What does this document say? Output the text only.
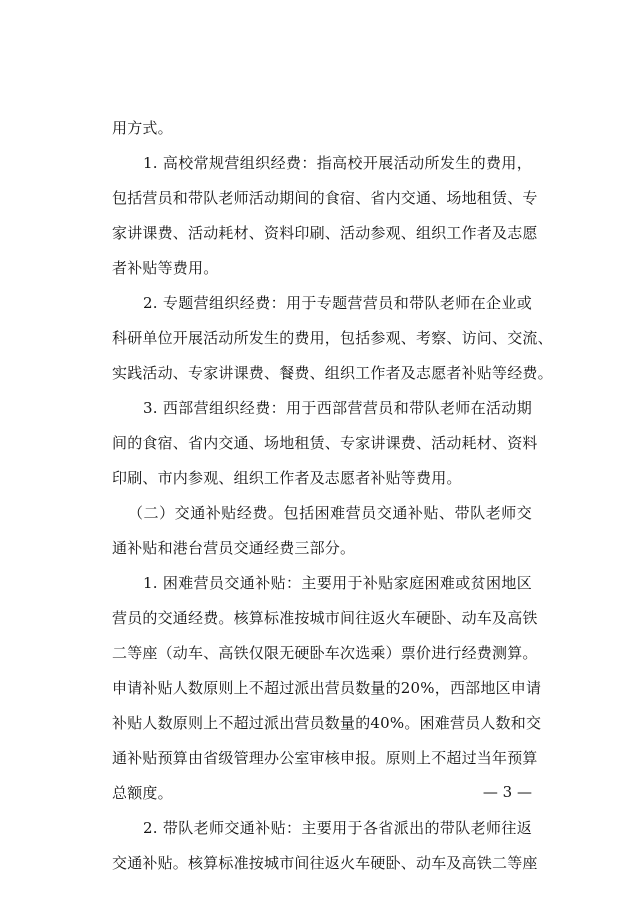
用方式。
1. 高校常规营组织经费：指高校开展活动所发生的费用，
包括营员和带队老师活动期间的食宿、省内交通、场地租赁、专
家讲课费、活动耗材、资料印刷、活动参观、组织工作者及志愿
者补贴等费用。
2. 专题营组织经费：用于专题营营员和带队老师在企业或
科研单位开展活动所发生的费用，包括参观、考察、访问、交流、
实践活动、专家讲课费、餐费、组织工作者及志愿者补贴等经费。
3. 西部营组织经费：用于西部营营员和带队老师在活动期
间的食宿、省内交通、场地租赁、专家讲课费、活动耗材、资料
印刷、市内参观、组织工作者及志愿者补贴等费用。
（二）交通补贴经费。包括困难营员交通补贴、带队老师交
通补贴和港台营员交通经费三部分。
1. 困难营员交通补贴：主要用于补贴家庭困难或贫困地区
营员的交通经费。核算标准按城市间往返火车硬卧、动车及高铁
二等座（动车、高铁仅限无硬卧车次选乘）票价进行经费测算。
申请补贴人数原则上不超过派出营员数量的20%，西部地区申请
补贴人数原则上不超过派出营员数量的40%。困难营员人数和交
通补贴预算由省级管理办公室审核申报。原则上不超过当年预算
总额度。
2. 带队老师交通补贴：主要用于各省派出的带队老师往返
交通补贴。核算标准按城市间往返火车硬卧、动车及高铁二等座
— 3 —
